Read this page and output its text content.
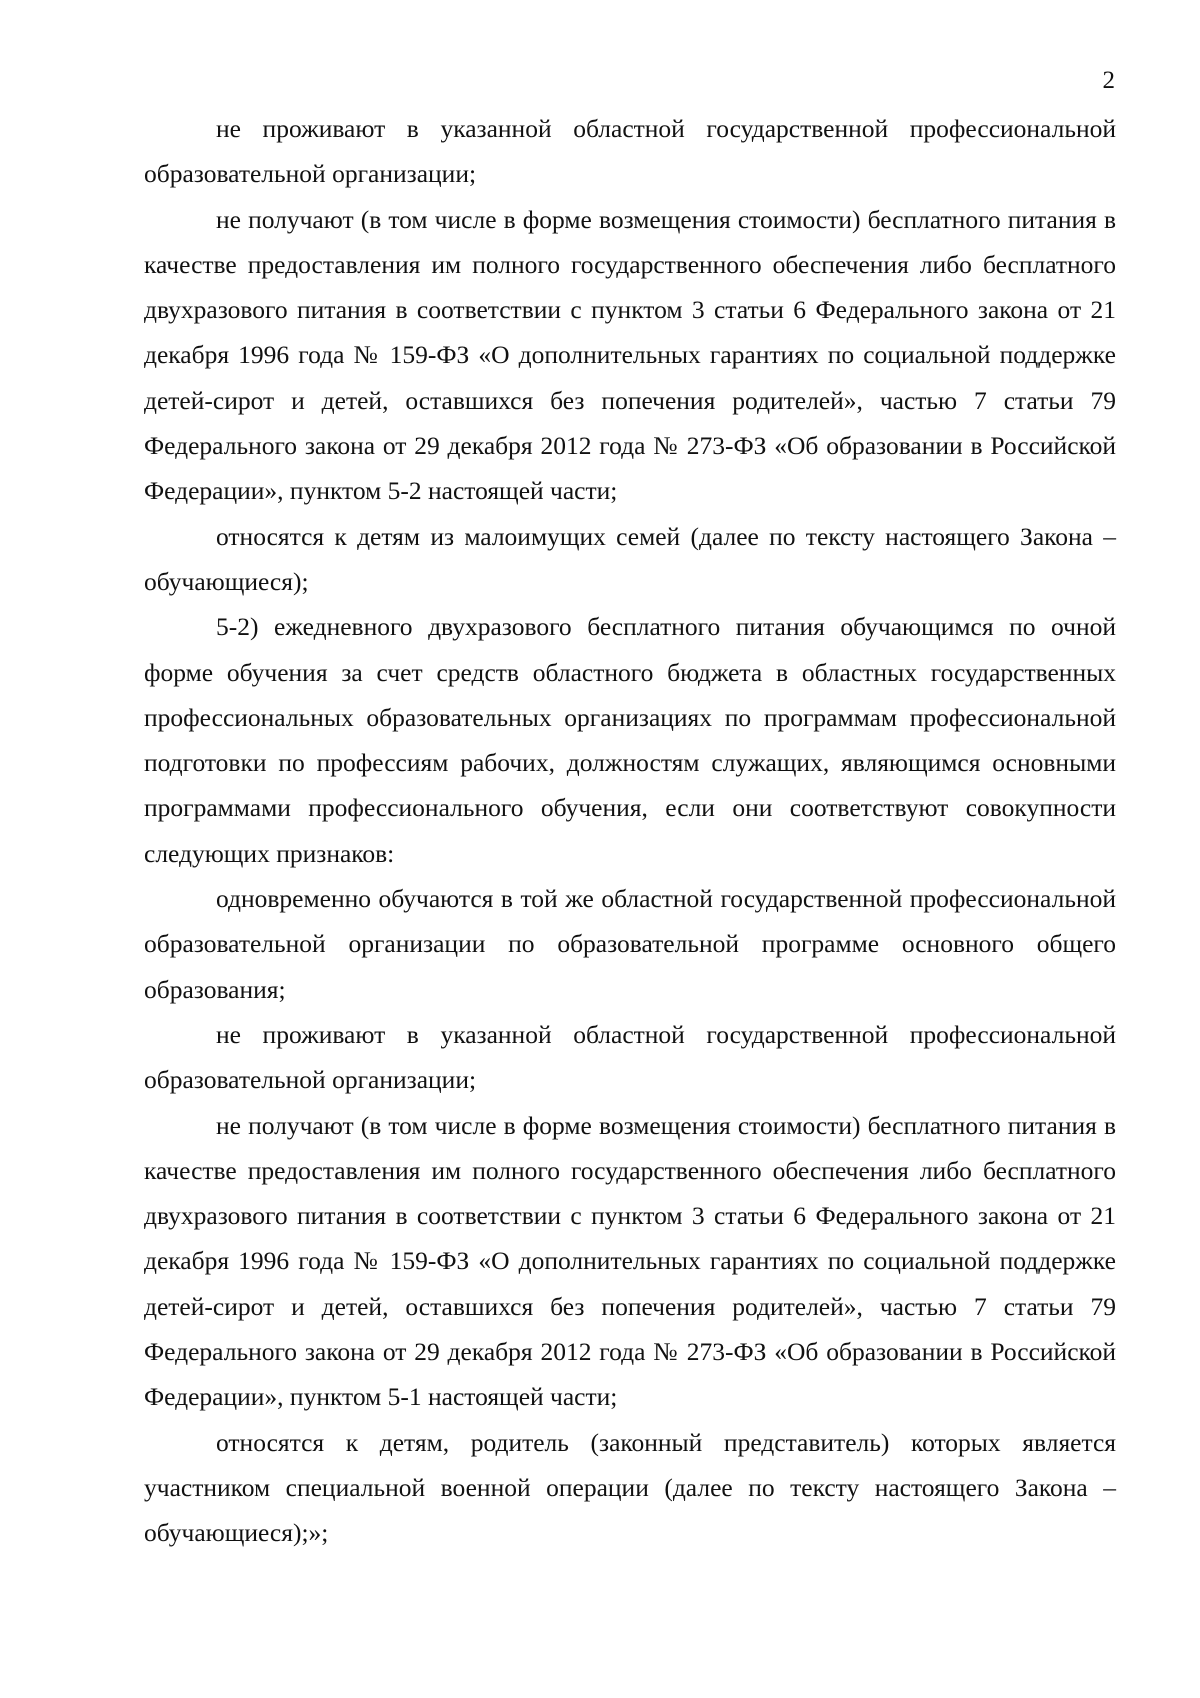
2

не проживают в указанной областной государственной профессиональной образовательной организации;

не получают (в том числе в форме возмещения стоимости) бесплатного питания в качестве предоставления им полного государственного обеспечения либо бесплатного двухразового питания в соответствии с пунктом 3 статьи 6 Федерального закона от 21 декабря 1996 года № 159-ФЗ «О дополнительных гарантиях по социальной поддержке детей-сирот и детей, оставшихся без попечения родителей», частью 7 статьи 79 Федерального закона от 29 декабря 2012 года № 273-ФЗ «Об образовании в Российской Федерации», пунктом 5-2 настоящей части;

относятся к детям из малоимущих семей (далее по тексту настоящего Закона – обучающиеся);

5-2) ежедневного двухразового бесплатного питания обучающимся по очной форме обучения за счет средств областного бюджета в областных государственных профессиональных образовательных организациях по программам профессиональной подготовки по профессиям рабочих, должностям служащих, являющимся основными программами профессионального обучения, если они соответствуют совокупности следующих признаков:

одновременно обучаются в той же областной государственной профессиональной образовательной организации по образовательной программе основного общего образования;

не проживают в указанной областной государственной профессиональной образовательной организации;

не получают (в том числе в форме возмещения стоимости) бесплатного питания в качестве предоставления им полного государственного обеспечения либо бесплатного двухразового питания в соответствии с пунктом 3 статьи 6 Федерального закона от 21 декабря 1996 года № 159-ФЗ «О дополнительных гарантиях по социальной поддержке детей-сирот и детей, оставшихся без попечения родителей», частью 7 статьи 79 Федерального закона от 29 декабря 2012 года № 273-ФЗ «Об образовании в Российской Федерации», пунктом 5-1 настоящей части;

относятся к детям, родитель (законный представитель) которых является участником специальной военной операции (далее по тексту настоящего Закона – обучающиеся);»;
